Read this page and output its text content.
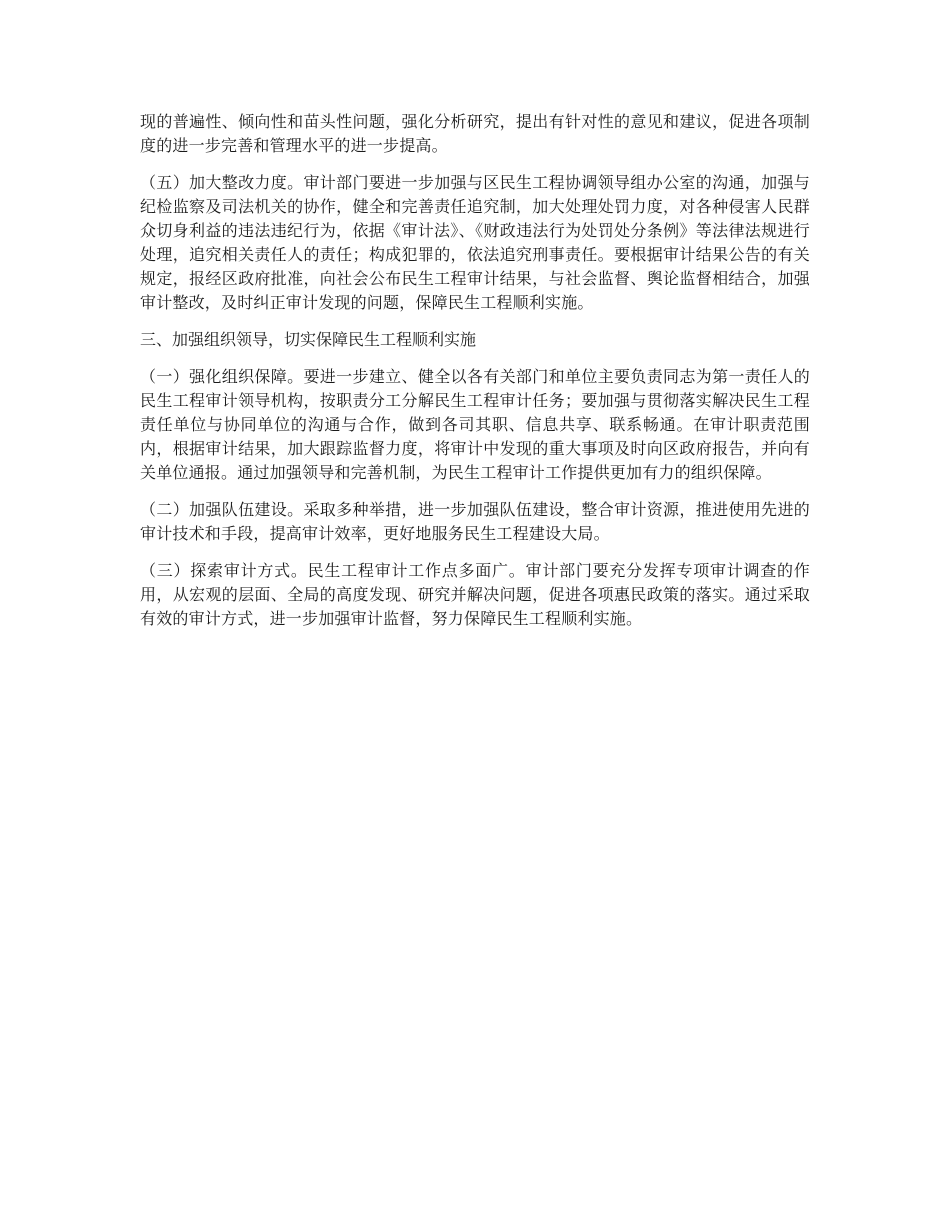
现的普遍性、倾向性和苗头性问题，强化分析研究，提出有针对性的意见和建议，促进各项制度的进一步完善和管理水平的进一步提高。

（五）加大整改力度。审计部门要进一步加强与区民生工程协调领导组办公室的沟通，加强与纪检监察及司法机关的协作，健全和完善责任追究制，加大处理处罚力度，对各种侵害人民群众切身利益的违法违纪行为，依据《审计法》、《财政违法行为处罚处分条例》等法律法规进行处理，追究相关责任人的责任；构成犯罪的，依法追究刑事责任。要根据审计结果公告的有关规定，报经区政府批准，向社会公布民生工程审计结果，与社会监督、舆论监督相结合，加强审计整改，及时纠正审计发现的问题，保障民生工程顺利实施。

三、加强组织领导，切实保障民生工程顺利实施

（一）强化组织保障。要进一步建立、健全以各有关部门和单位主要负责同志为第一责任人的民生工程审计领导机构，按职责分工分解民生工程审计任务；要加强与贯彻落实解决民生工程责任单位与协同单位的沟通与合作，做到各司其职、信息共享、联系畅通。在审计职责范围内，根据审计结果，加大跟踪监督力度，将审计中发现的重大事项及时向区政府报告，并向有关单位通报。通过加强领导和完善机制，为民生工程审计工作提供更加有力的组织保障。

（二）加强队伍建设。采取多种举措，进一步加强队伍建设，整合审计资源，推进使用先进的审计技术和手段，提高审计效率，更好地服务民生工程建设大局。

（三）探索审计方式。民生工程审计工作点多面广。审计部门要充分发挥专项审计调查的作用，从宏观的层面、全局的高度发现、研究并解决问题，促进各项惠民政策的落实。通过采取有效的审计方式，进一步加强审计监督，努力保障民生工程顺利实施。
